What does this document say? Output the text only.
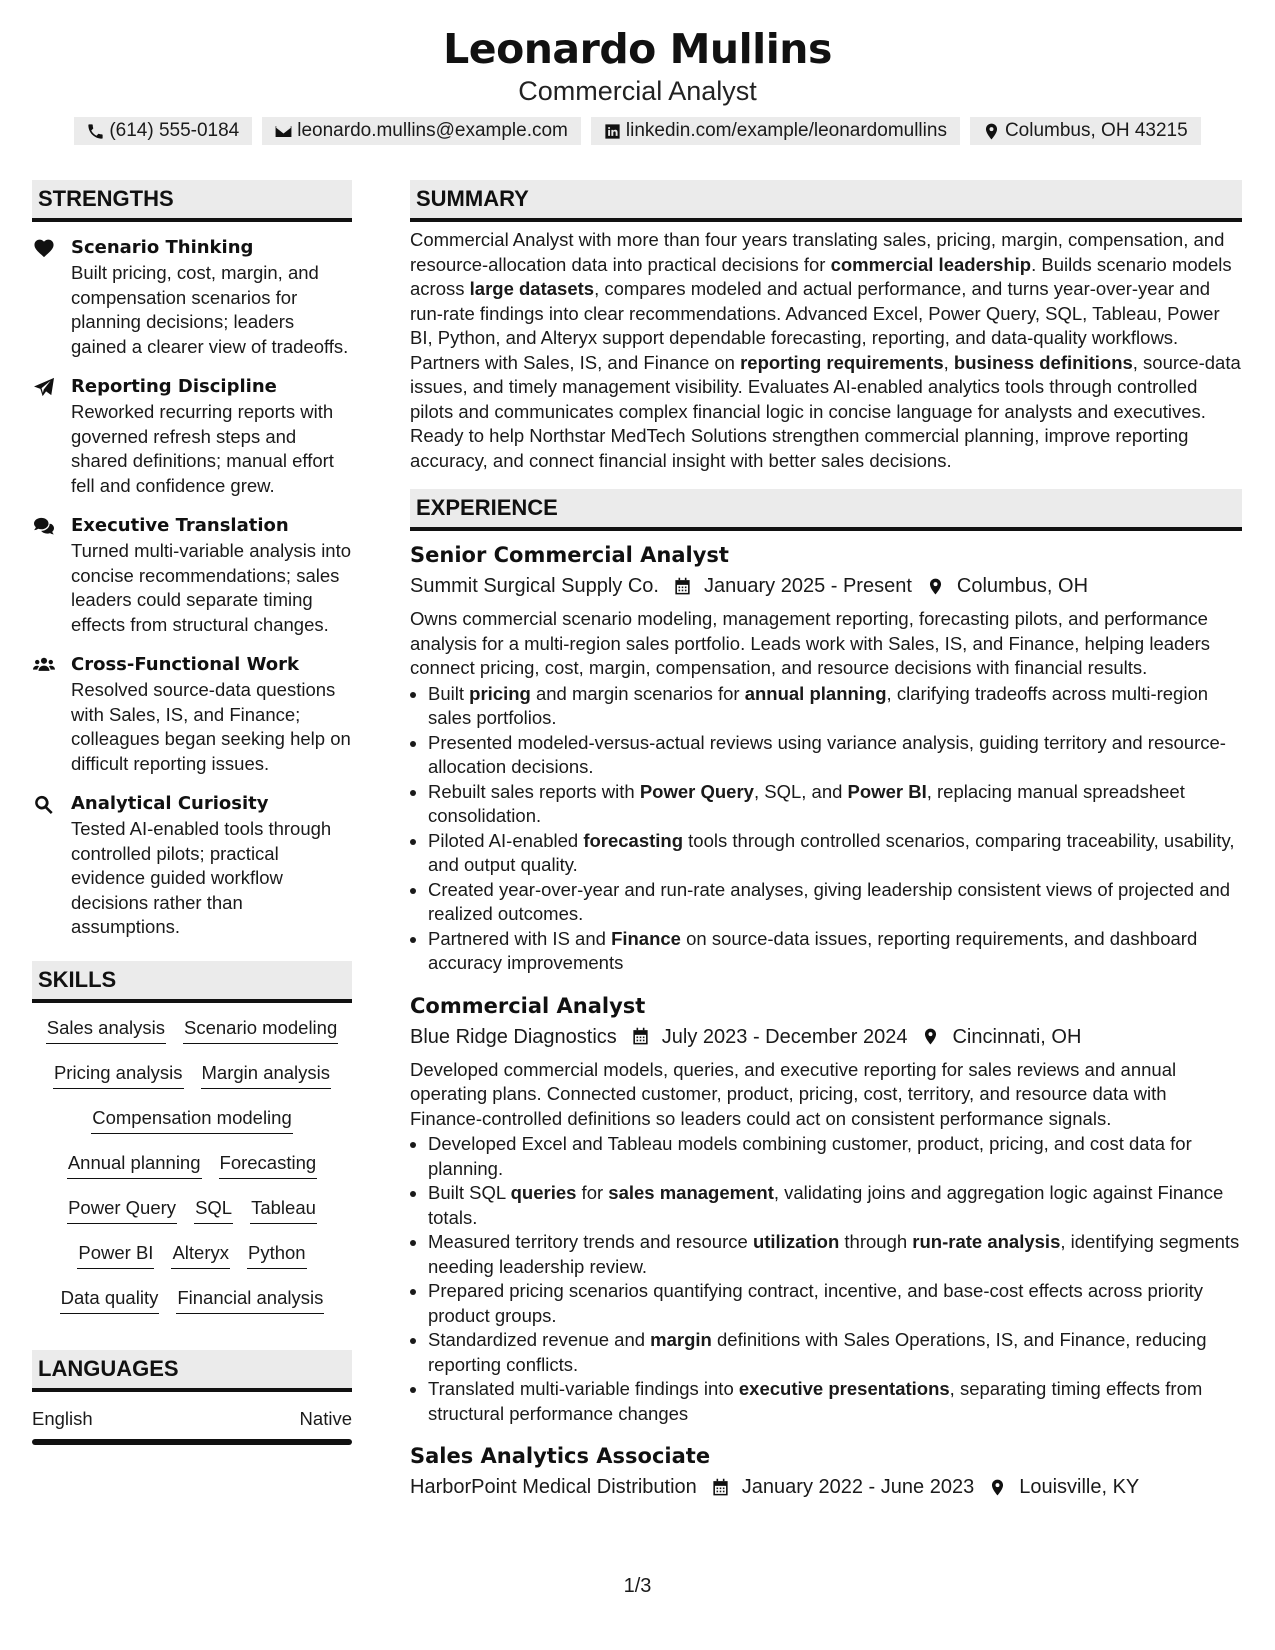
Leonardo Mullins
Commercial Analyst
(614) 555-0184	leonardo.mullins@example.com	linkedin.com/example/leonardomullins	Columbus, OH 43215
STRENGTHS
Scenario Thinking
Built pricing, cost, margin, and compensation scenarios for planning decisions; leaders gained a clearer view of tradeoffs.
Reporting Discipline
Reworked recurring reports with governed refresh steps and shared definitions; manual effort fell and confidence grew.
Executive Translation
Turned multi-variable analysis into concise recommendations; sales leaders could separate timing effects from structural changes.
Cross-Functional Work
Resolved source-data questions with Sales, IS, and Finance; colleagues began seeking help on difficult reporting issues.
Analytical Curiosity
Tested AI-enabled tools through controlled pilots; practical evidence guided workflow decisions rather than assumptions.
SKILLS
Sales analysis Scenario modeling
Pricing analysis Margin analysis
Compensation modeling
Annual planning Forecasting
Power Query SQL Tableau
Power BI Alteryx Python
Data quality Financial analysis
LANGUAGES
English	Native
SUMMARY
Commercial Analyst with more than four years translating sales, pricing, margin, compensation, and resource-allocation data into practical decisions for commercial leadership. Builds scenario models across large datasets, compares modeled and actual performance, and turns year-over-year and run-rate findings into clear recommendations. Advanced Excel, Power Query, SQL, Tableau, Power BI, Python, and Alteryx support dependable forecasting, reporting, and data-quality workflows. Partners with Sales, IS, and Finance on reporting requirements, business definitions, source-data issues, and timely management visibility. Evaluates AI-enabled analytics tools through controlled pilots and communicates complex financial logic in concise language for analysts and executives. Ready to help Northstar MedTech Solutions strengthen commercial planning, improve reporting accuracy, and connect financial insight with better sales decisions.
EXPERIENCE
Senior Commercial Analyst
Summit Surgical Supply Co. January 2025 - Present Columbus, OH
Owns commercial scenario modeling, management reporting, forecasting pilots, and performance analysis for a multi-region sales portfolio. Leads work with Sales, IS, and Finance, helping leaders connect pricing, cost, margin, compensation, and resource decisions with financial results.
• Built pricing and margin scenarios for annual planning, clarifying tradeoffs across multi-region sales portfolios.
• Presented modeled-versus-actual reviews using variance analysis, guiding territory and resource-allocation decisions.
• Rebuilt sales reports with Power Query, SQL, and Power BI, replacing manual spreadsheet consolidation.
• Piloted AI-enabled forecasting tools through controlled scenarios, comparing traceability, usability, and output quality.
• Created year-over-year and run-rate analyses, giving leadership consistent views of projected and realized outcomes.
• Partnered with IS and Finance on source-data issues, reporting requirements, and dashboard accuracy improvements
Commercial Analyst
Blue Ridge Diagnostics July 2023 - December 2024 Cincinnati, OH
Developed commercial models, queries, and executive reporting for sales reviews and annual operating plans. Connected customer, product, pricing, cost, territory, and resource data with Finance-controlled definitions so leaders could act on consistent performance signals.
• Developed Excel and Tableau models combining customer, product, pricing, and cost data for planning.
• Built SQL queries for sales management, validating joins and aggregation logic against Finance totals.
• Measured territory trends and resource utilization through run-rate analysis, identifying segments needing leadership review.
• Prepared pricing scenarios quantifying contract, incentive, and base-cost effects across priority product groups.
• Standardized revenue and margin definitions with Sales Operations, IS, and Finance, reducing reporting conflicts.
• Translated multi-variable findings into executive presentations, separating timing effects from structural performance changes
Sales Analytics Associate
HarborPoint Medical Distribution January 2022 - June 2023 Louisville, KY
1/3
